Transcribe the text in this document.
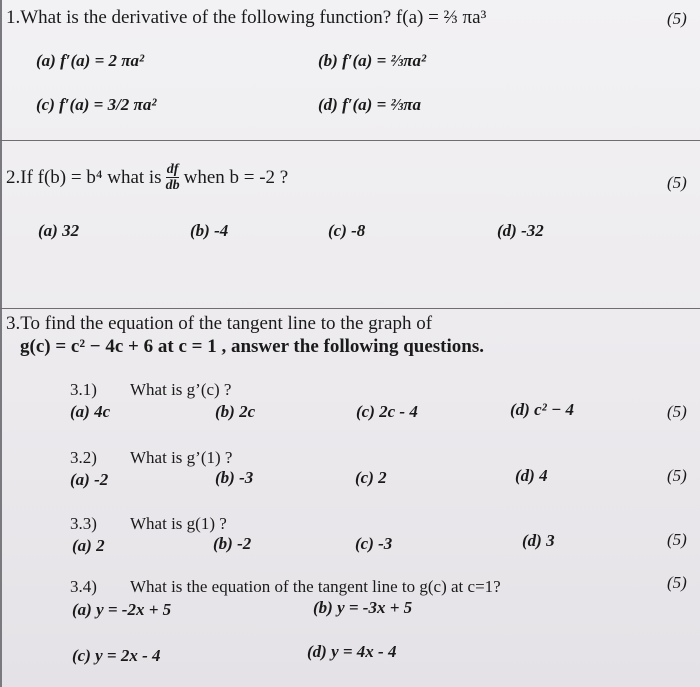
1.What is the derivative of the following function? f(a) = ⅔ πa³	(5)
(a) f′(a) = 2 πa²	(b) f′(a) = ⅔πa²
(c) f′(a) = 3/2 πa²	(d) f′(a) = ⅔πa
2.If f(b) = b⁴ what is $\frac{df}{db}$ when b = -2 ?	(5)
(a) 32	(b) -4	(c) -8	(d) -32
3.To find the equation of the tangent line to the graph of
g(c) = c² − 4c + 6 at c = 1 , answer the following questions.
3.1) What is g’(c) ?
(a) 4c	(b) 2c	(c) 2c - 4	(d) c² − 4	(5)
3.2) What is g’(1) ?
(a) -2	(b) -3	(c) 2	(d) 4	(5)
3.3) What is g(1) ?
(a) 2	(b) -2	(c) -3	(d) 3	(5)
3.4) What is the equation of the tangent line to g(c) at c=1?	(5)
(a) y = -2x + 5	(b) y = -3x + 5
(c) y = 2x - 4	(d) y = 4x - 4
